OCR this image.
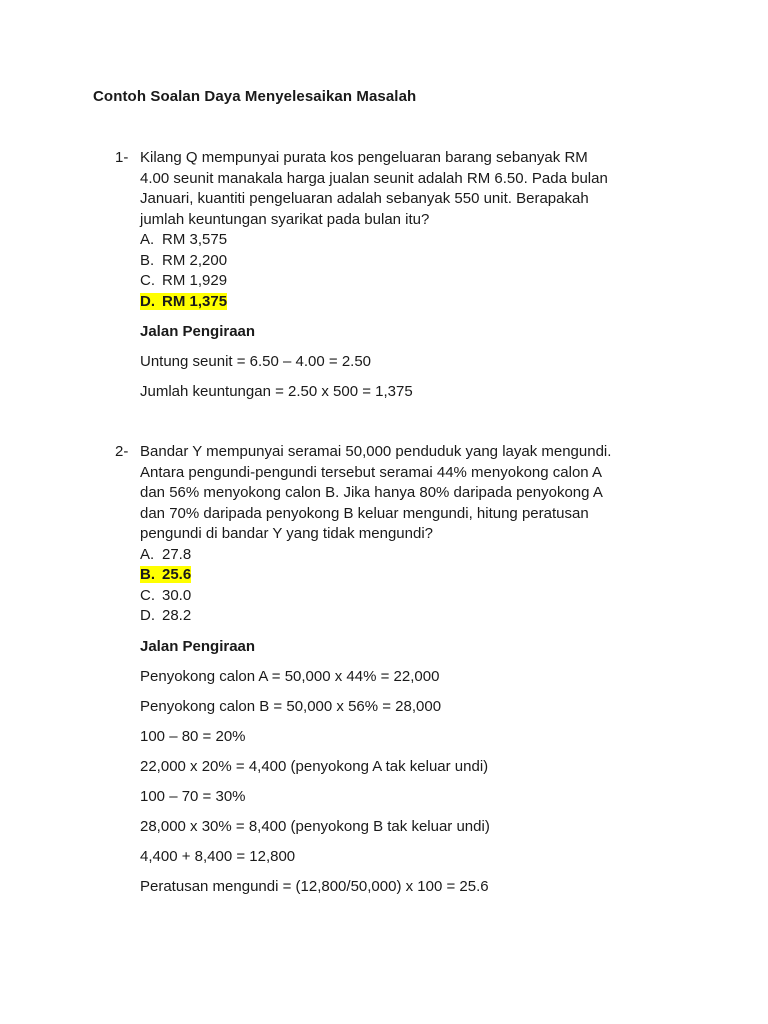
Contoh Soalan Daya Menyelesaikan Masalah
1- Kilang Q mempunyai purata kos pengeluaran barang sebanyak RM
4.00 seunit manakala harga jualan seunit adalah RM 6.50. Pada bulan
Januari, kuantiti pengeluaran adalah sebanyak 550 unit. Berapakah
jumlah keuntungan syarikat pada bulan itu?
A. RM 3,575
B. RM 2,200
C. RM 1,929
D. RM 1,375
Jalan Pengiraan
Untung seunit = 6.50 – 4.00 = 2.50
Jumlah keuntungan = 2.50 x 500 = 1,375
2- Bandar Y mempunyai seramai 50,000 penduduk yang layak mengundi.
Antara pengundi-pengundi tersebut seramai 44% menyokong calon A
dan 56% menyokong calon B. Jika hanya 80% daripada penyokong A
dan 70% daripada penyokong B keluar mengundi, hitung peratusan
pengundi di bandar Y yang tidak mengundi?
A. 27.8
B. 25.6
C. 30.0
D. 28.2
Jalan Pengiraan
Penyokong calon A = 50,000 x 44% = 22,000
Penyokong calon B = 50,000 x 56% = 28,000
100 – 80 = 20%
22,000 x 20% = 4,400 (penyokong A tak keluar undi)
100 – 70 = 30%
28,000 x 30% = 8,400 (penyokong B tak keluar undi)
4,400 + 8,400 = 12,800
Peratusan mengundi = (12,800/50,000) x 100 = 25.6
